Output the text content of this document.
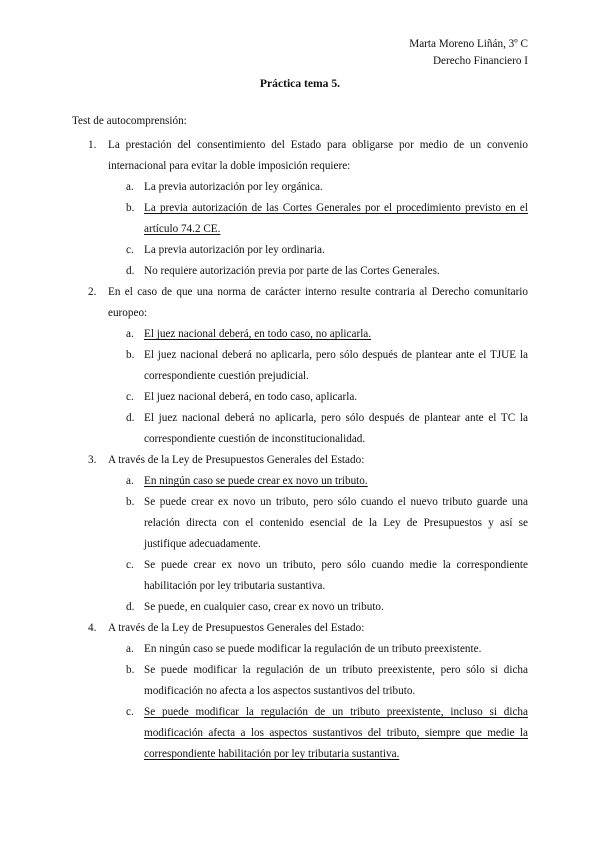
Marta Moreno Liñán, 3º C
Derecho Financiero I
Práctica tema 5.
Test de autocomprensión:
1. La prestación del consentimiento del Estado para obligarse por medio de un convenio internacional para evitar la doble imposición requiere:
a. La previa autorización por ley orgánica.
b. La previa autorización de las Cortes Generales por el procedimiento previsto en el artículo 74.2 CE.
c. La previa autorización por ley ordinaria.
d. No requiere autorización previa por parte de las Cortes Generales.
2. En el caso de que una norma de carácter interno resulte contraria al Derecho comunitario europeo:
a. El juez nacional deberá, en todo caso, no aplicarla.
b. El juez nacional deberá no aplicarla, pero sólo después de plantear ante el TJUE la correspondiente cuestión prejudicial.
c. El juez nacional deberá, en todo caso, aplicarla.
d. El juez nacional deberá no aplicarla, pero sólo después de plantear ante el TC la correspondiente cuestión de inconstitucionalidad.
3. A través de la Ley de Presupuestos Generales del Estado:
a. En ningún caso se puede crear ex novo un tributo.
b. Se puede crear ex novo un tributo, pero sólo cuando el nuevo tributo guarde una relación directa con el contenido esencial de la Ley de Presupuestos y así se justifique adecuadamente.
c. Se puede crear ex novo un tributo, pero sólo cuando medie la correspondiente habilitación por ley tributaria sustantiva.
d. Se puede, en cualquier caso, crear ex novo un tributo.
4. A través de la Ley de Presupuestos Generales del Estado:
a. En ningún caso se puede modificar la regulación de un tributo preexistente.
b. Se puede modificar la regulación de un tributo preexistente, pero sólo si dicha modificación no afecta a los aspectos sustantivos del tributo.
c. Se puede modificar la regulación de un tributo preexistente, incluso si dicha modificación afecta a los aspectos sustantivos del tributo, siempre que medie la correspondiente habilitación por ley tributaria sustantiva.
